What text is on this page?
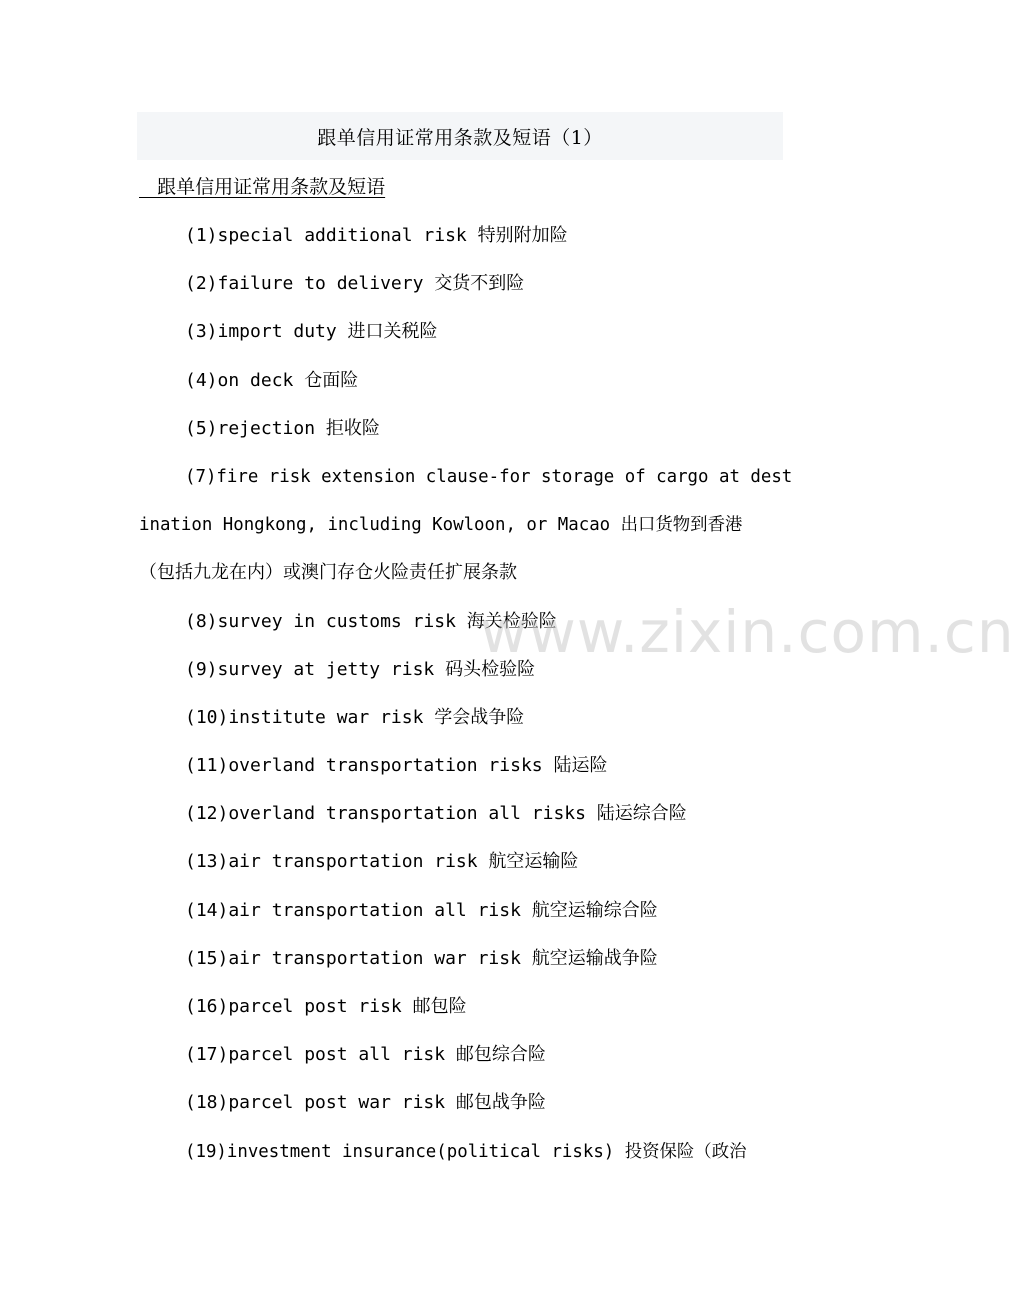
跟单信用证常用条款及短语（1）
跟单信用证常用条款及短语
(1)special additional risk 特别附加险
(2)failure to delivery 交货不到险
(3)import duty 进口关税险
(4)on deck 仓面险
(5)rejection 拒收险
(7)fire risk extension clause-for storage of cargo at dest
ination Hongkong, including Kowloon, or Macao 出口货物到香港
（包括九龙在内）或澳门存仓火险责任扩展条款
(8)survey in customs risk 海关检验险
(9)survey at jetty risk 码头检验险
(10)institute war risk 学会战争险
(11)overland transportation risks 陆运险
(12)overland transportation all risks 陆运综合险
(13)air transportation risk 航空运输险
(14)air transportation all risk 航空运输综合险
(15)air transportation war risk 航空运输战争险
(16)parcel post risk 邮包险
(17)parcel post all risk 邮包综合险
(18)parcel post war risk 邮包战争险
(19)investment insurance(political risks) 投资保险（政治
www.zixin.com.cn
